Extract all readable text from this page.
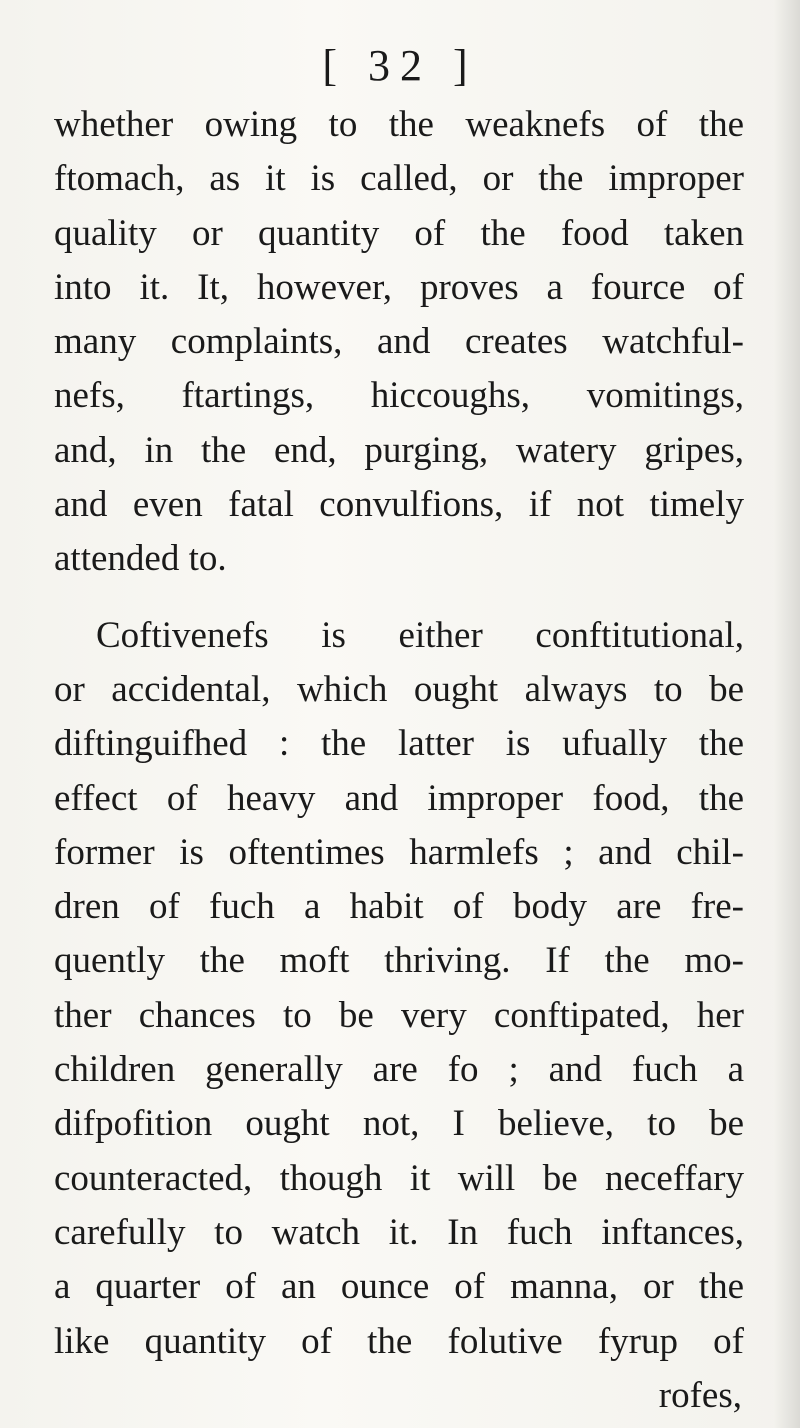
[ 32 ]
whether owing to the weaknefs of the
ftomach, as it is called, or the improper
quality or quantity of the food taken
into it. It, however, proves a fource of
many complaints, and creates watchful-
nefs, ftartings, hiccoughs, vomitings,
and, in the end, purging, watery gripes,
and even fatal convulfions, if not timely
attended to.
Coftivenefs is either conftitutional,
or accidental, which ought always to be
diftinguifhed : the latter is ufually the
effect of heavy and improper food, the
former is oftentimes harmlefs ; and chil-
dren of fuch a habit of body are fre-
quently the moft thriving. If the mo-
ther chances to be very conftipated, her
children generally are fo ; and fuch a
difpofition ought not, I believe, to be
counteracted, though it will be neceffary
carefully to watch it. In fuch inftances,
a quarter of an ounce of manna, or the
like quantity of the folutive fyrup of
rofes,
